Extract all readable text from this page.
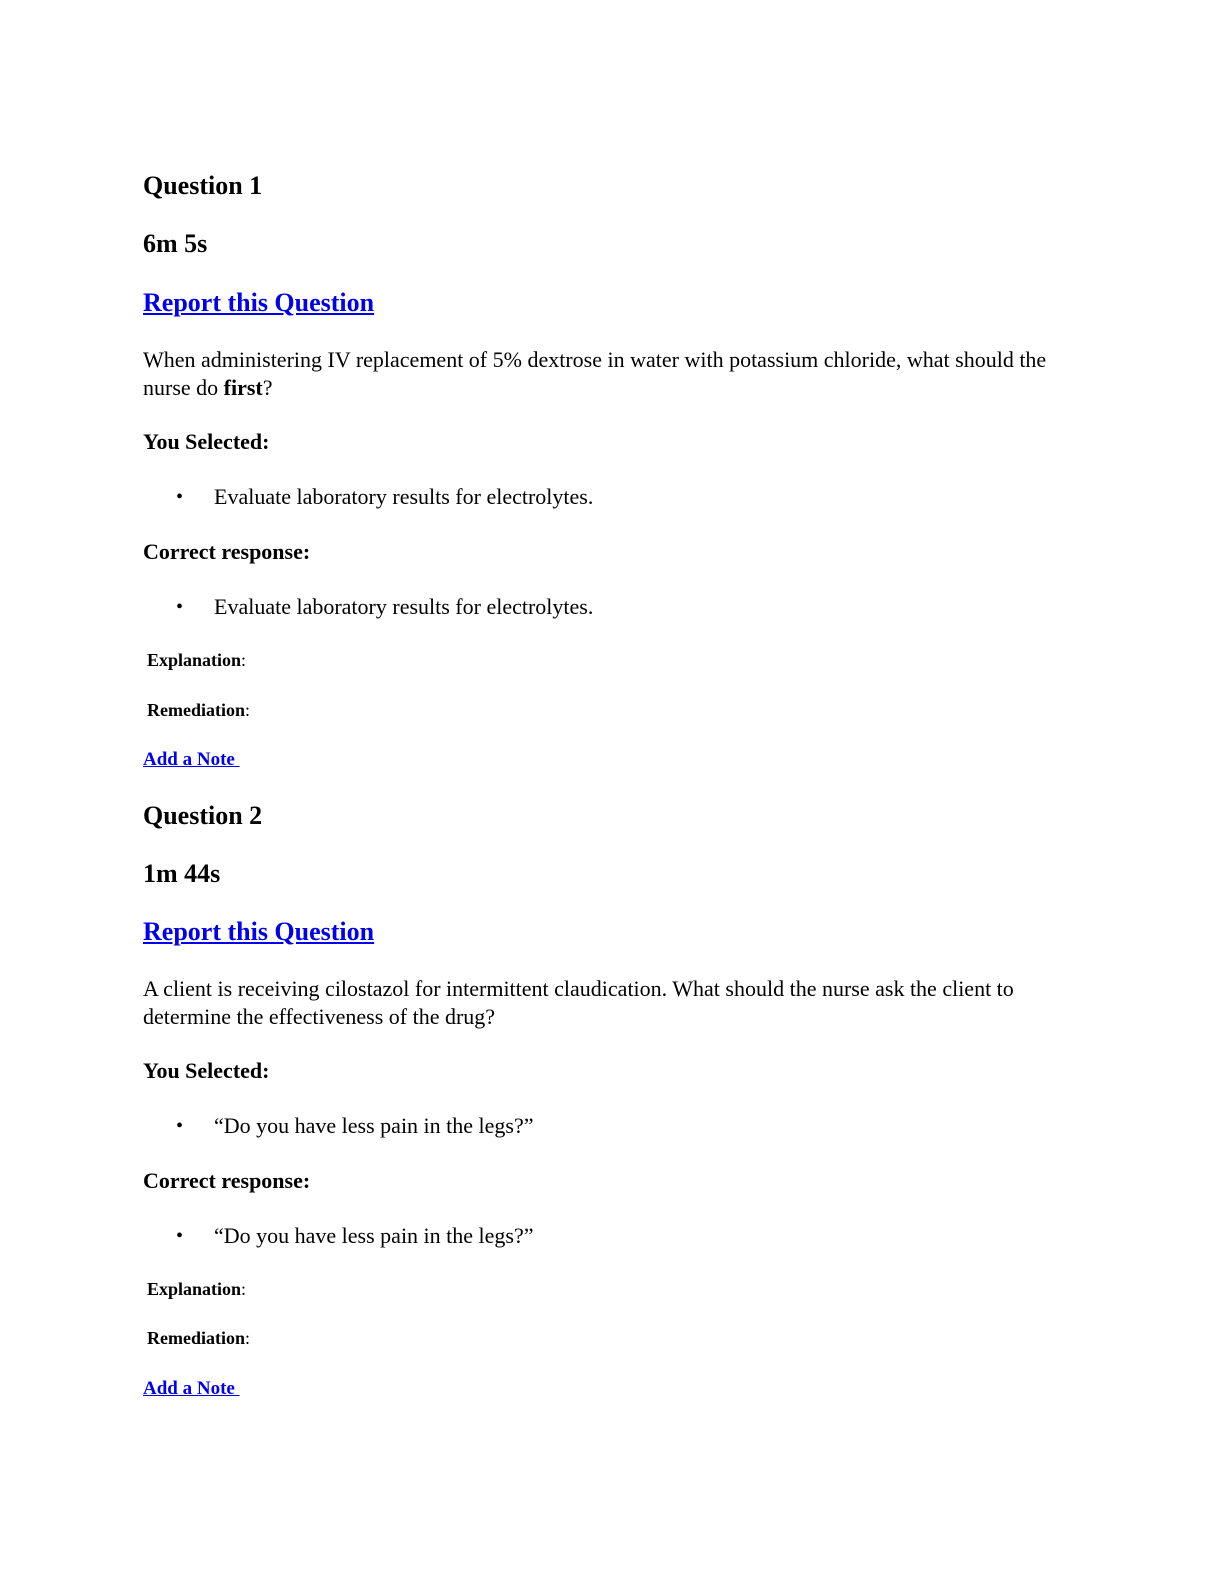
Question 1
6m 5s
Report this Question
When administering IV replacement of 5% dextrose in water with potassium chloride, what should the nurse do first?
You Selected:
• Evaluate laboratory results for electrolytes.
Correct response:
• Evaluate laboratory results for electrolytes.
Explanation:
Remediation:
Add a Note
Question 2
1m 44s
Report this Question
A client is receiving cilostazol for intermittent claudication. What should the nurse ask the client to determine the effectiveness of the drug?
You Selected:
• “Do you have less pain in the legs?”
Correct response:
• “Do you have less pain in the legs?”
Explanation:
Remediation:
Add a Note
